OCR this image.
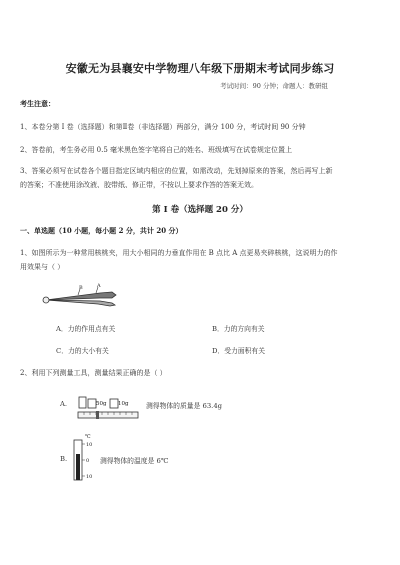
安徽无为县襄安中学物理八年级下册期末考试同步练习
考试时间：90 分钟；命题人：教研组
考生注意：
1、本卷分第 I 卷（选择题）和第Ⅱ卷（非选择题）两部分，满分 100 分，考试时间 90 分钟
2、答卷前，考生务必用 0.5 毫米黑色签字笔将自己的姓名、班级填写在试卷规定位置上
3、答案必须写在试卷各个题目指定区域内相应的位置，如需改动，先划掉原来的答案，然后再写上新
的答案；不准使用涂改液、胶带纸、修正带，不按以上要求作答的答案无效。
第 I 卷（选择题 20 分）
一、单选题（10 小题，每小题 2 分，共计 20 分）
1、如图所示为一种常用核桃夹，用大小相同的力垂直作用在 B 点比 A 点更易夹碎核桃，这说明力的作
用效果与（ ）
B	A
A．力的作用点有关	B．力的方向有关
C．力的大小有关	D．受力面积有关
2、利用下列测量工具，测量结果正确的是（ ）
A.	50g 10g	测得物体的质量是 63.4g
B.
℃
10
0
10
测得物体的温度是 6℃
